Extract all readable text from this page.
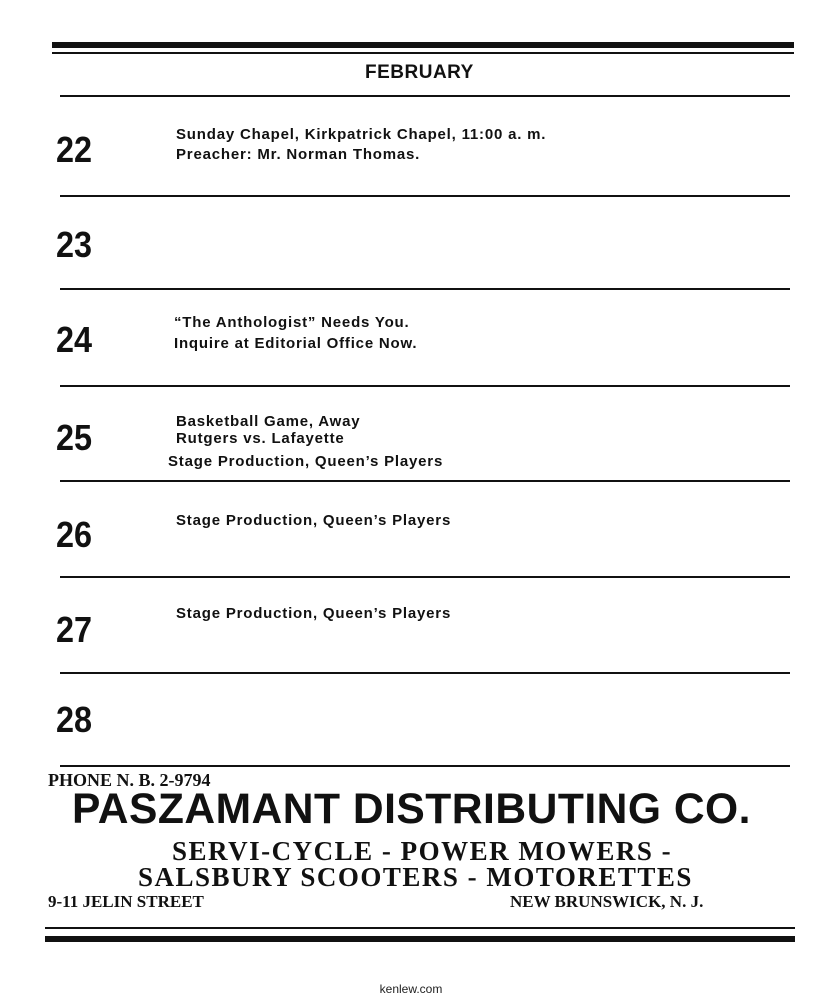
FEBRUARY
22	Sunday Chapel, Kirkpatrick Chapel, 11:00 a. m.
Preacher: Mr. Norman Thomas.
23
24	“The Anthologist” Needs You.
Inquire at Editorial Office Now.
25	Basketball Game, Away
Rutgers vs. Lafayette
Stage Production, Queen’s Players
26	Stage Production, Queen’s Players
27	Stage Production, Queen’s Players
28
PHONE N. B. 2-9794
PASZAMANT DISTRIBUTING CO.
SERVI-CYCLE - POWER MOWERS -
SALSBURY SCOOTERS - MOTORETTES
9-11 JELIN STREET	NEW BRUNSWICK, N. J.
kenlew.com
